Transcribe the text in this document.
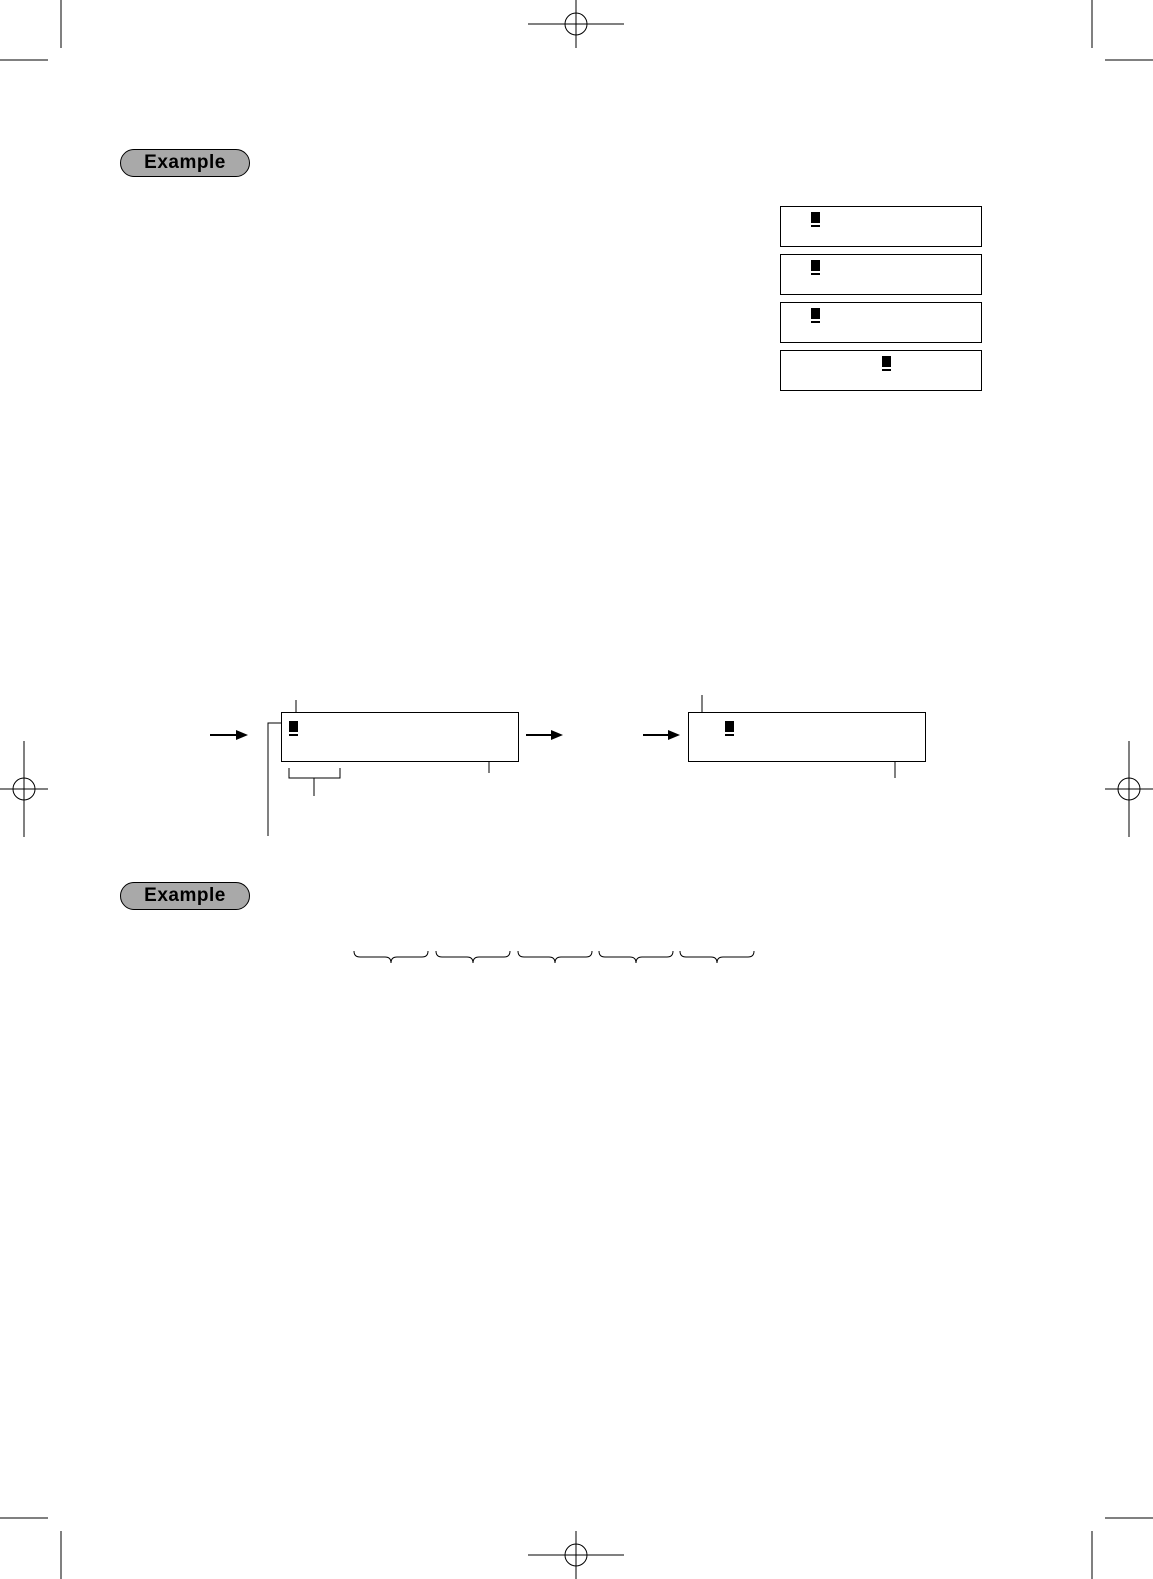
Example
Example
